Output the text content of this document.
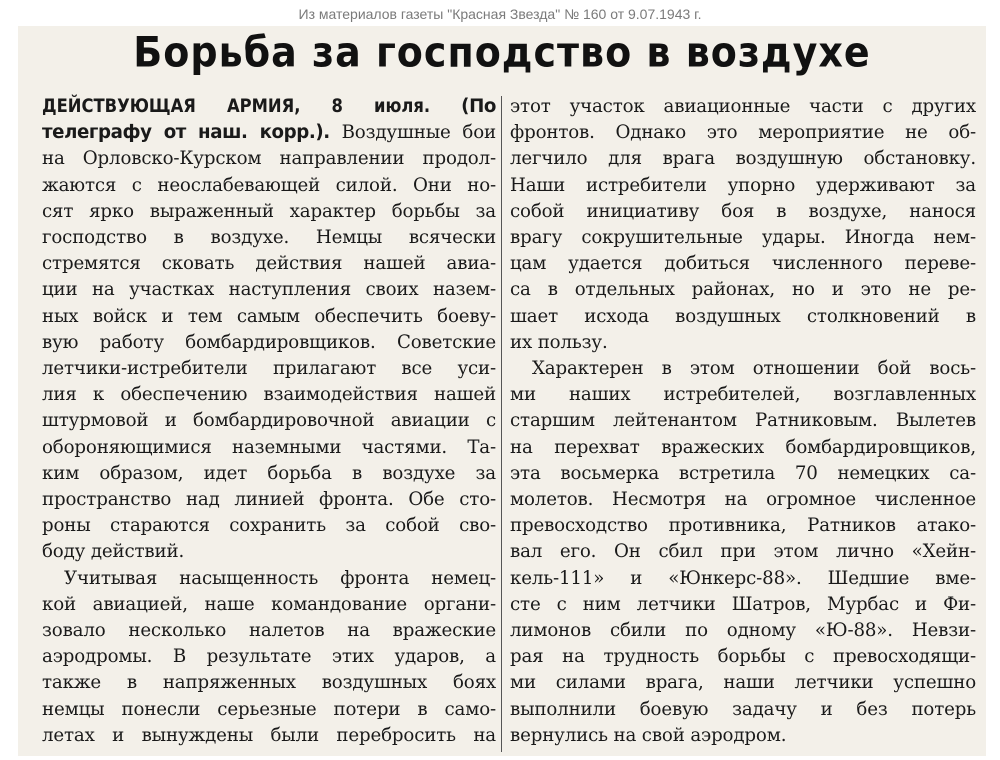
Из материалов газеты "Красная Звезда" № 160 от 9.07.1943 г.
Борьба за господство в воздухе
ДЕЙСТВУЮЩАЯ АРМИЯ, 8 июля. (По
телеграфу от наш. корр.). Воздушные бои
на Орловско-Курском направлении продол-
жаются с неослабевающей силой. Они но-
сят ярко выраженный характер борьбы за
господство в воздухе. Немцы всячески
стремятся сковать действия нашей авиа-
ции на участках наступления своих назем-
ных войск и тем самым обеспечить боеву-
вую работу бомбардировщиков. Советские
летчики-истребители прилагают все уси-
лия к обеспечению взаимодействия нашей
штурмовой и бомбардировочной авиации с
обороняющимися наземными частями. Та-
ким образом, идет борьба в воздухе за
пространство над линией фронта. Обе сто-
роны стараются сохранить за собой сво-
боду действий.
Учитывая насыщенность фронта немец-
кой авиацией, наше командование органи-
зовало несколько налетов на вражеские
аэродромы. В результате этих ударов, а
также в напряженных воздушных боях
немцы понесли серьезные потери в само-
летах и вынуждены были перебросить на
этот участок авиационные части с других
фронтов. Однако это мероприятие не об-
легчило для врага воздушную обстановку.
Наши истребители упорно удерживают за
собой инициативу боя в воздухе, нанося
врагу сокрушительные удары. Иногда нем-
цам удается добиться численного переве-
са в отдельных районах, но и это не ре-
шает исхода воздушных столкновений в
их пользу.
Характерен в этом отношении бой вось-
ми наших истребителей, возглавленных
старшим лейтенантом Ратниковым. Вылетев
на перехват вражеских бомбардировщиков,
эта восьмерка встретила 70 немецких са-
молетов. Несмотря на огромное численное
превосходство противника, Ратников атако-
вал его. Он сбил при этом лично «Хейн-
кель-111» и «Юнкерс-88». Шедшие вме-
сте с ним летчики Шатров, Мурбас и Фи-
лимонов сбили по одному «Ю-88». Невзи-
рая на трудность борьбы с превосходящи-
ми силами врага, наши летчики успешно
выполнили боевую задачу и без потерь
вернулись на свой аэродром.
